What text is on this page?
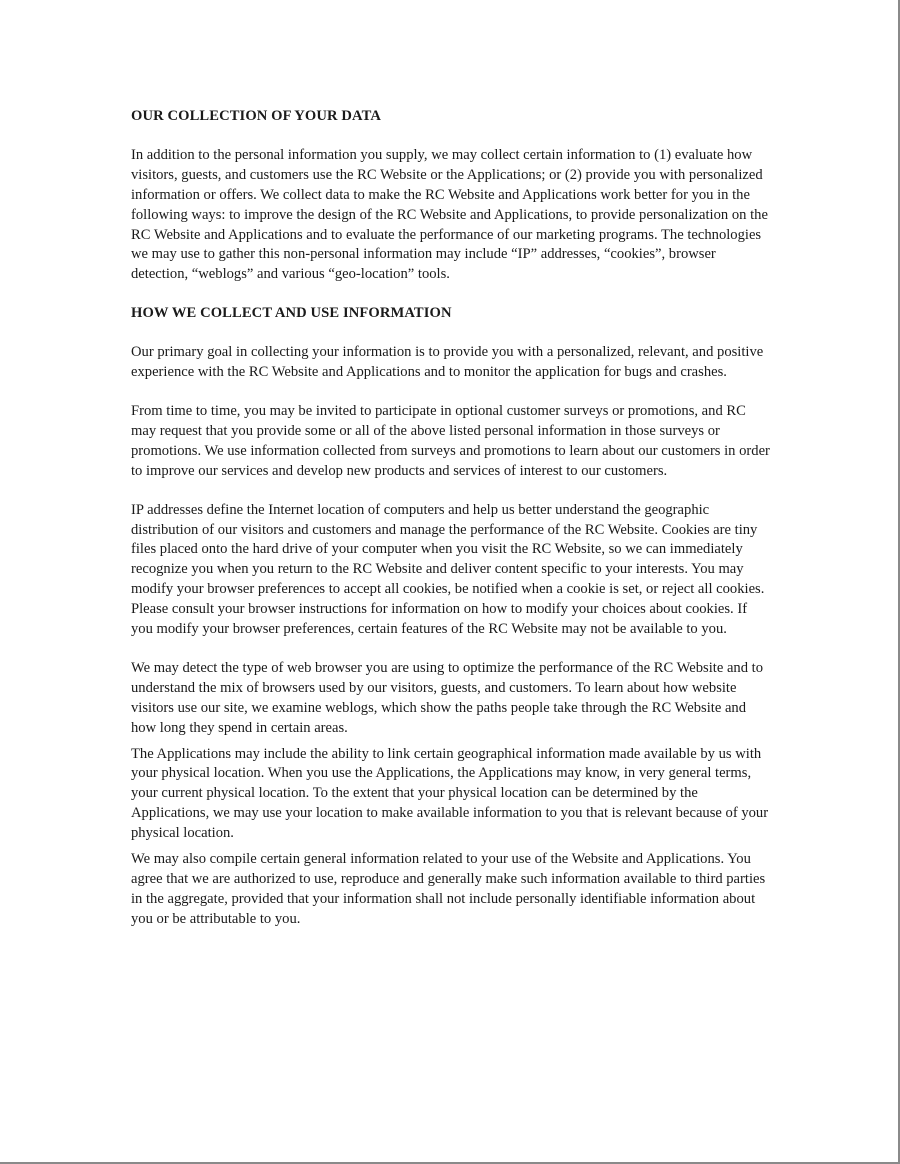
OUR COLLECTION OF YOUR DATA
In addition to the personal information you supply, we may collect certain information to (1) evaluate how visitors, guests, and customers use the RC Website or the Applications; or (2) provide you with personalized information or offers. We collect data to make the RC Website and Applications work better for you in the following ways: to improve the design of the RC Website and Applications, to provide personalization on the RC Website and Applications and to evaluate the performance of our marketing programs. The technologies we may use to gather this non-personal information may include “IP” addresses, “cookies”, browser detection, “weblogs” and various “geo-location” tools.
HOW WE COLLECT AND USE INFORMATION
Our primary goal in collecting your information is to provide you with a personalized, relevant, and positive experience with the RC Website and Applications and to monitor the application for bugs and crashes.
From time to time, you may be invited to participate in optional customer surveys or promotions, and RC may request that you provide some or all of the above listed personal information in those surveys or promotions. We use information collected from surveys and promotions to learn about our customers in order to improve our services and develop new products and services of interest to our customers.
IP addresses define the Internet location of computers and help us better understand the geographic distribution of our visitors and customers and manage the performance of the RC Website. Cookies are tiny files placed onto the hard drive of your computer when you visit the RC Website, so we can immediately recognize you when you return to the RC Website and deliver content specific to your interests. You may modify your browser preferences to accept all cookies, be notified when a cookie is set, or reject all cookies. Please consult your browser instructions for information on how to modify your choices about cookies. If you modify your browser preferences, certain features of the RC Website may not be available to you.
We may detect the type of web browser you are using to optimize the performance of the RC Website and to understand the mix of browsers used by our visitors, guests, and customers. To learn about how website visitors use our site, we examine weblogs, which show the paths people take through the RC Website and how long they spend in certain areas.
The Applications may include the ability to link certain geographical information made available by us with your physical location. When you use the Applications, the Applications may know, in very general terms, your current physical location. To the extent that your physical location can be determined by the Applications, we may use your location to make available information to you that is relevant because of your physical location.
We may also compile certain general information related to your use of the Website and Applications. You agree that we are authorized to use, reproduce and generally make such information available to third parties in the aggregate, provided that your information shall not include personally identifiable information about you or be attributable to you.
